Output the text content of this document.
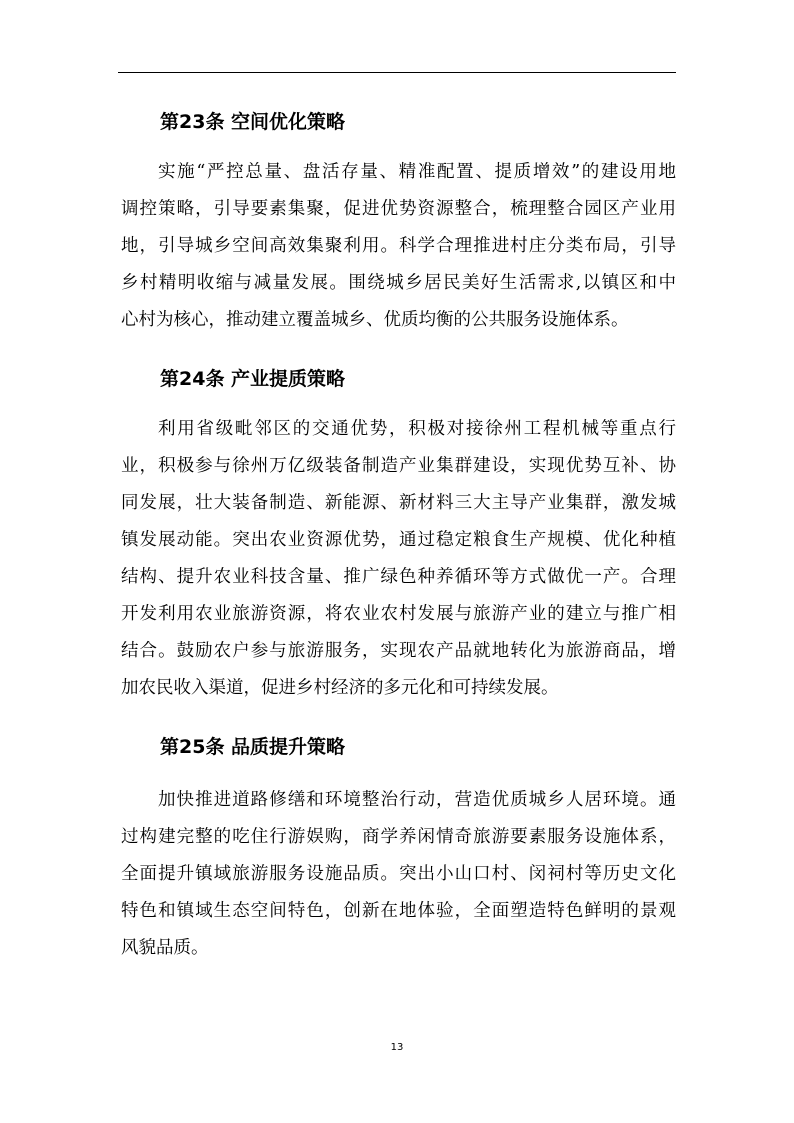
第23条 空间优化策略
实施“严控总量、盘活存量、精准配置、提质增效”的建设用地
调控策略，引导要素集聚，促进优势资源整合，梳理整合园区产业用
地，引导城乡空间高效集聚利用。科学合理推进村庄分类布局，引导
乡村精明收缩与减量发展。围绕城乡居民美好生活需求,以镇区和中
心村为核心，推动建立覆盖城乡、优质均衡的公共服务设施体系。
第24条 产业提质策略
利用省级毗邻区的交通优势，积极对接徐州工程机械等重点行
业，积极参与徐州万亿级装备制造产业集群建设，实现优势互补、协
同发展，壮大装备制造、新能源、新材料三大主导产业集群，激发城
镇发展动能。突出农业资源优势，通过稳定粮食生产规模、优化种植
结构、提升农业科技含量、推广绿色种养循环等方式做优一产。合理
开发利用农业旅游资源，将农业农村发展与旅游产业的建立与推广相
结合。鼓励农户参与旅游服务，实现农产品就地转化为旅游商品，增
加农民收入渠道，促进乡村经济的多元化和可持续发展。
第25条 品质提升策略
加快推进道路修缮和环境整治行动，营造优质城乡人居环境。通
过构建完整的吃住行游娱购，商学养闲情奇旅游要素服务设施体系，
全面提升镇域旅游服务设施品质。突出小山口村、闵祠村等历史文化
特色和镇域生态空间特色，创新在地体验，全面塑造特色鲜明的景观
风貌品质。
13
